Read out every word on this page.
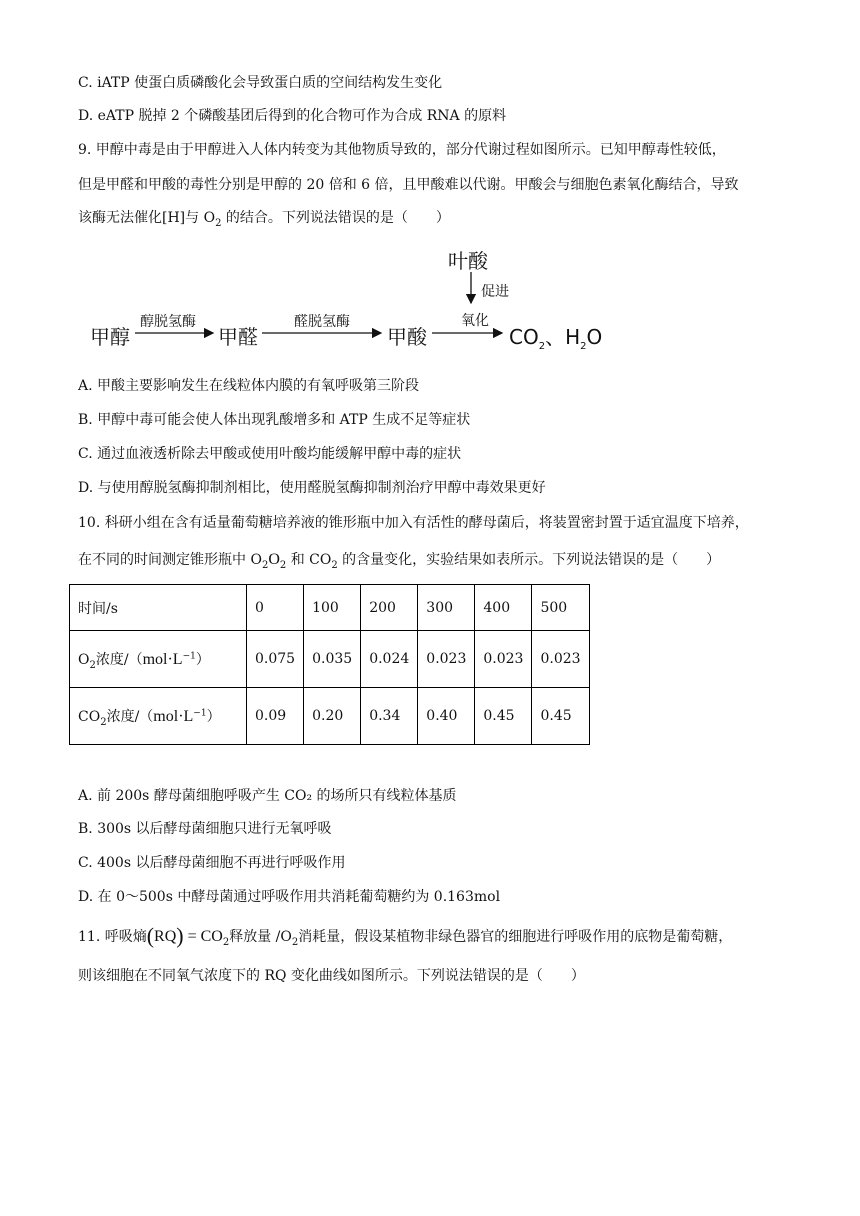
C. iATP 使蛋白质磷酸化会导致蛋白质的空间结构发生变化
D. eATP 脱掉 2 个磷酸基团后得到的化合物可作为合成 RNA 的原料
9. 甲醇中毒是由于甲醇进入人体内转变为其他物质导致的，部分代谢过程如图所示。已知甲醇毒性较低，
但是甲醛和甲酸的毒性分别是甲醇的 20 倍和 6 倍，且甲酸难以代谢。甲酸会与细胞色素氧化酶结合，导致
该酶无法催化[H]与 $O_2$ 的结合。下列说法错误的是（　　）
甲醇	甲醛	甲酸
叶酸
$CO_2$、$H_2O$
醇脱氢酶	醛脱氢酶	氧化
促进
A. 甲酸主要影响发生在线粒体内膜的有氧呼吸第三阶段
B. 甲醇中毒可能会使人体出现乳酸增多和 ATP 生成不足等症状
C. 通过血液透析除去甲酸或使用叶酸均能缓解甲醇中毒的症状
D. 与使用醇脱氢酶抑制剂相比，使用醛脱氢酶抑制剂治疗甲醇中毒效果更好
10. 科研小组在含有适量葡萄糖培养液的锥形瓶中加入有活性的酵母菌后，将装置密封置于适宜温度下培养，
在不同的时间测定锥形瓶中 $O_2O_2$ 和 $CO_2$ 的含量变化，实验结果如表所示。下列说法错误的是（　　）
时间/s	0	100	200	300	400	500
$O_2$浓度$/(mol\cdot L^{-1})$	0.075	0.035	0.024	0.023	0.023	0.023
$CO_2$浓度$/(mol\cdot L^{-1})$	0.09	0.20	0.34	0.40	0.45	0.45
A. 前 200s 酵母菌细胞呼吸产生 CO₂ 的场所只有线粒体基质
B. 300s 以后酵母菌细胞只进行无氧呼吸
C. 400s 以后酵母菌细胞不再进行呼吸作用
D. 在 0～500s 中酵母菌通过呼吸作用共消耗葡萄糖约为 0.163mol
11. 呼吸熵$(RQ) = CO_2$释放量 $/O_2$消耗量，假设某植物非绿色器官的细胞进行呼吸作用的底物是葡萄糖，
则该细胞在不同氧气浓度下的 RQ 变化曲线如图所示。下列说法错误的是（　　）
